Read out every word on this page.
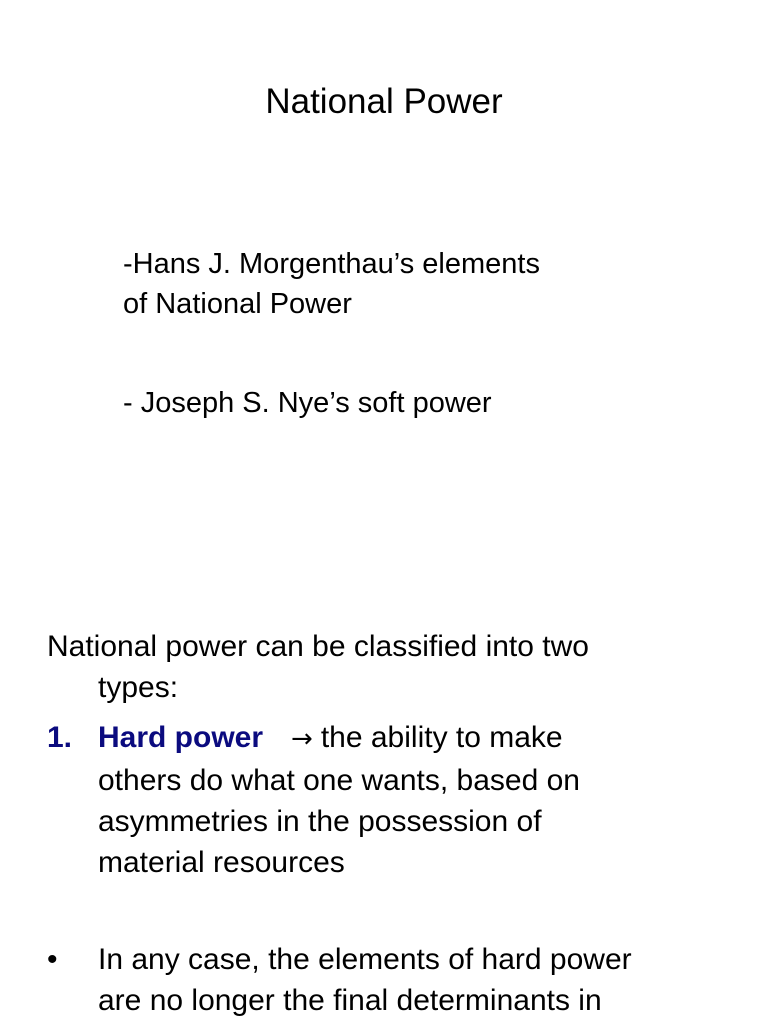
National Power
-Hans J. Morgenthau’s elements
of National Power
- Joseph S. Nye’s soft power
National power can be classified into two
types:
1. Hard power → the ability to make
others do what one wants, based on
asymmetries in the possession of
material resources
•	In any case, the elements of hard power
are no longer the final determinants in
